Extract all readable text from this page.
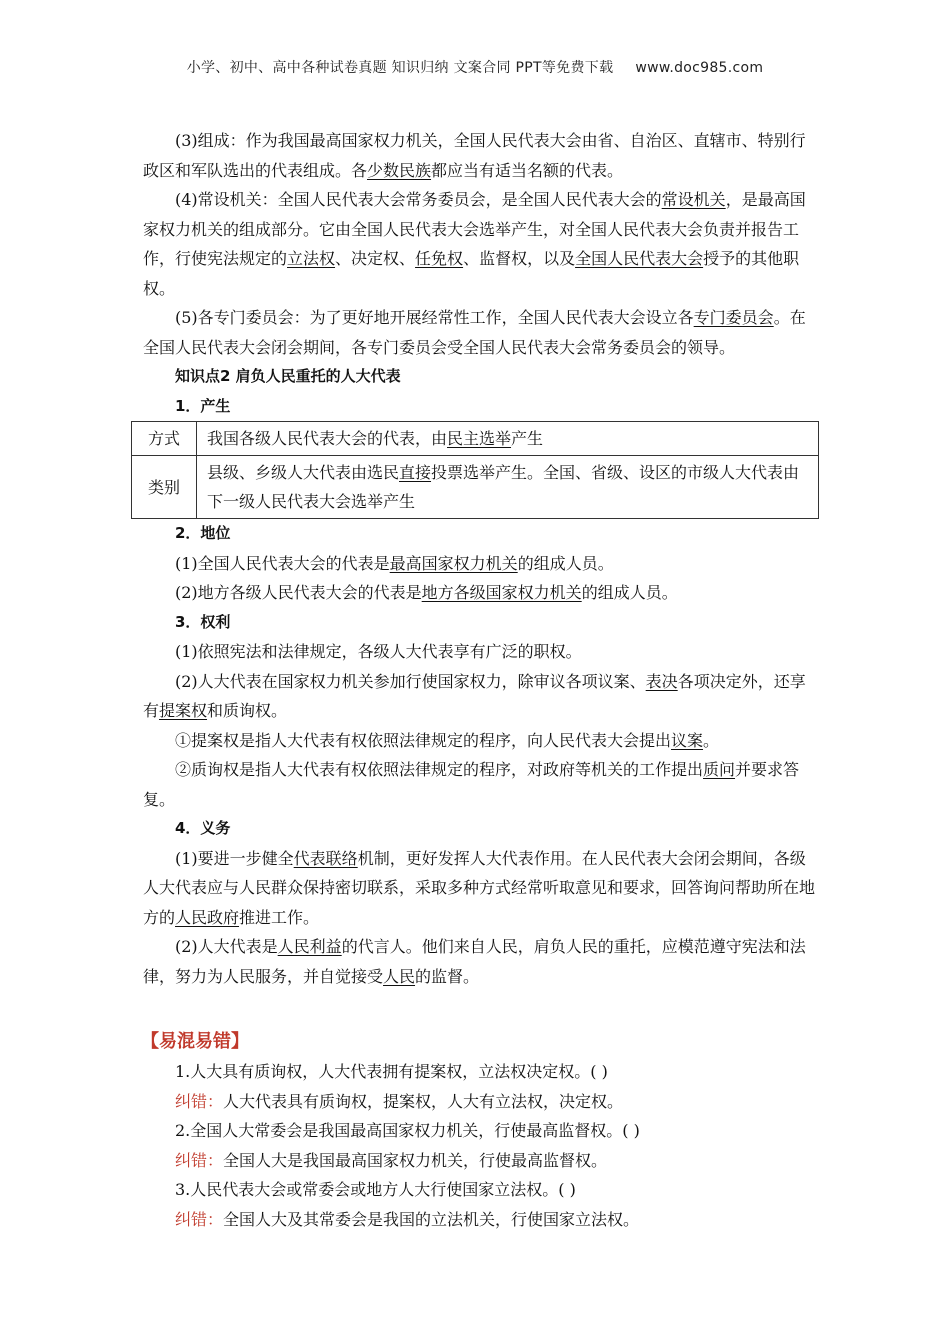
小学、初中、高中各种试卷真题 知识归纳 文案合同 PPT等免费下载 www.doc985.com

(3)组成：作为我国最高国家权力机关，全国人民代表大会由省、自治区、直辖市、特别行政区和军队选出的代表组成。各少数民族都应当有适当名额的代表。

(4)常设机关：全国人民代表大会常务委员会，是全国人民代表大会的常设机关，是最高国家权力机关的组成部分。它由全国人民代表大会选举产生，对全国人民代表大会负责并报告工作，行使宪法规定的立法权、决定权、任免权、监督权，以及全国人民代表大会授予的其他职权。

(5)各专门委员会：为了更好地开展经常性工作，全国人民代表大会设立各专门委员会。在全国人民代表大会闭会期间，各专门委员会受全国人民代表大会常务委员会的领导。

知识点2 肩负人民重托的人大代表

1．产生

方式	我国各级人民代表大会的代表，由民主选举产生
类别	县级、乡级人大代表由选民直接投票选举产生。全国、省级、设区的市级人大代表由下一级人民代表大会选举产生

2．地位

(1)全国人民代表大会的代表是最高国家权力机关的组成人员。

(2)地方各级人民代表大会的代表是地方各级国家权力机关的组成人员。

3．权利

(1)依照宪法和法律规定，各级人大代表享有广泛的职权。

(2)人大代表在国家权力机关参加行使国家权力，除审议各项议案、表决各项决定外，还享有提案权和质询权。

①提案权是指人大代表有权依照法律规定的程序，向人民代表大会提出议案。

②质询权是指人大代表有权依照法律规定的程序，对政府等机关的工作提出质问并要求答复。

4．义务

(1)要进一步健全代表联络机制，更好发挥人大代表作用。在人民代表大会闭会期间，各级人大代表应与人民群众保持密切联系，采取多种方式经常听取意见和要求，回答询问帮助所在地方的人民政府推进工作。

(2)人大代表是人民利益的代言人。他们来自人民，肩负人民的重托，应模范遵守宪法和法律，努力为人民服务，并自觉接受人民的监督。

【易混易错】

1.人大具有质询权，人大代表拥有提案权，立法权决定权。( )

纠错：人大代表具有质询权，提案权，人大有立法权，决定权。

2.全国人大常委会是我国最高国家权力机关，行使最高监督权。( )

纠错：全国人大是我国最高国家权力机关，行使最高监督权。

3.人民代表大会或常委会或地方人大行使国家立法权。( )

纠错：全国人大及其常委会是我国的立法机关，行使国家立法权。
